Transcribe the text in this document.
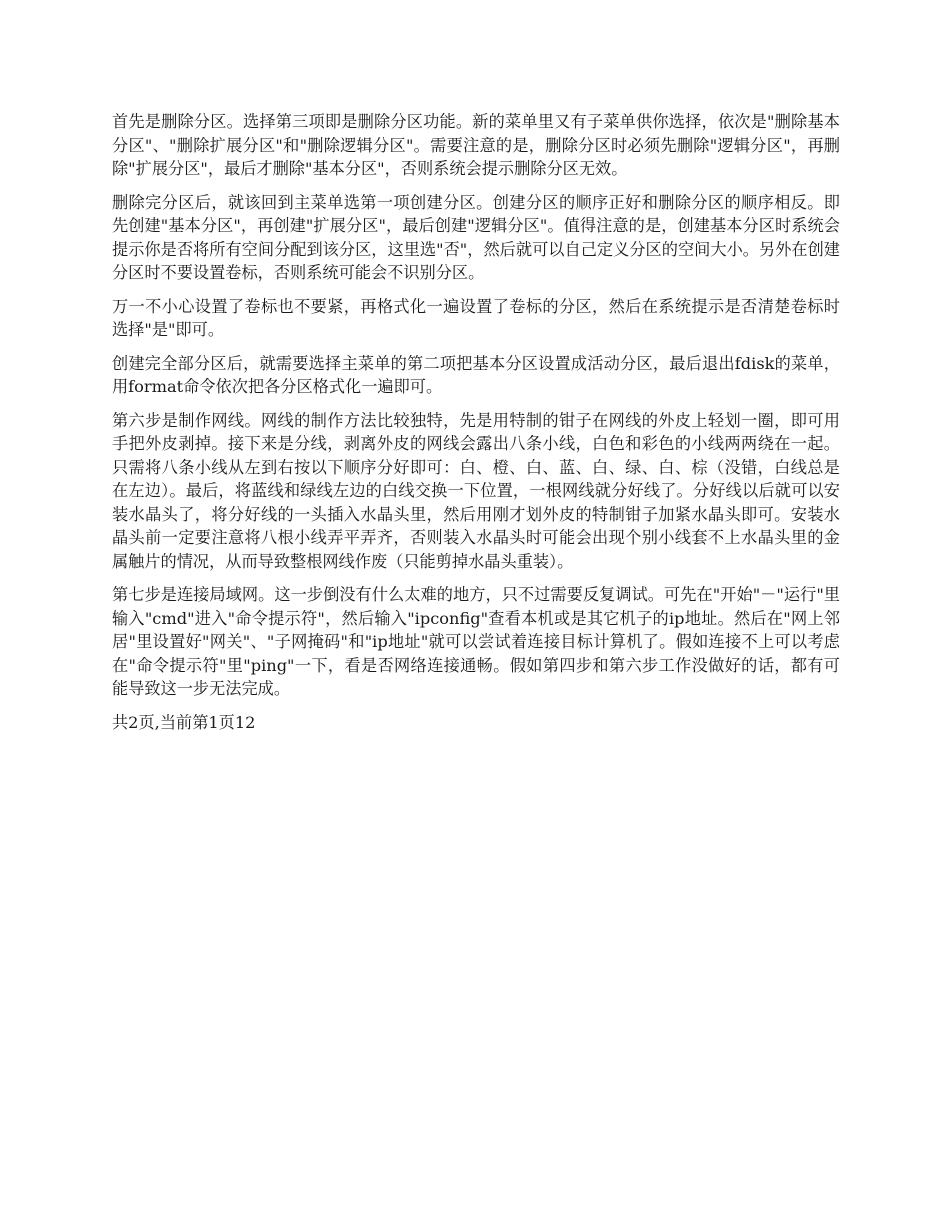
首先是删除分区。选择第三项即是删除分区功能。新的菜单里又有子菜单供你选择，依次是"删除基本分区"、"删除扩展分区"和"删除逻辑分区"。需要注意的是，删除分区时必须先删除"逻辑分区"，再删除"扩展分区"，最后才删除"基本分区"，否则系统会提示删除分区无效。

删除完分区后，就该回到主菜单选第一项创建分区。创建分区的顺序正好和删除分区的顺序相反。即先创建"基本分区"，再创建"扩展分区"，最后创建"逻辑分区"。值得注意的是，创建基本分区时系统会提示你是否将所有空间分配到该分区，这里选"否"，然后就可以自己定义分区的空间大小。另外在创建分区时不要设置卷标，否则系统可能会不识别分区。

万一不小心设置了卷标也不要紧，再格式化一遍设置了卷标的分区，然后在系统提示是否清楚卷标时选择"是"即可。

创建完全部分区后，就需要选择主菜单的第二项把基本分区设置成活动分区，最后退出fdisk的菜单，用format命令依次把各分区格式化一遍即可。

第六步是制作网线。网线的制作方法比较独特，先是用特制的钳子在网线的外皮上轻划一圈，即可用手把外皮剥掉。接下来是分线，剥离外皮的网线会露出八条小线，白色和彩色的小线两两绕在一起。只需将八条小线从左到右按以下顺序分好即可：白、橙、白、蓝、白、绿、白、棕（没错，白线总是在左边）。最后，将蓝线和绿线左边的白线交换一下位置，一根网线就分好线了。分好线以后就可以安装水晶头了，将分好线的一头插入水晶头里，然后用刚才划外皮的特制钳子加紧水晶头即可。安装水晶头前一定要注意将八根小线弄平弄齐，否则装入水晶头时可能会出现个别小线套不上水晶头里的金属触片的情况，从而导致整根网线作废（只能剪掉水晶头重装）。

第七步是连接局域网。这一步倒没有什么太难的地方，只不过需要反复调试。可先在"开始"－"运行"里输入"cmd"进入"命令提示符"，然后输入"ipconfig"查看本机或是其它机子的ip地址。然后在"网上邻居"里设置好"网关"、"子网掩码"和"ip地址"就可以尝试着连接目标计算机了。假如连接不上可以考虑在"命令提示符"里"ping"一下，看是否网络连接通畅。假如第四步和第六步工作没做好的话，都有可能导致这一步无法完成。

共2页,当前第1页12
